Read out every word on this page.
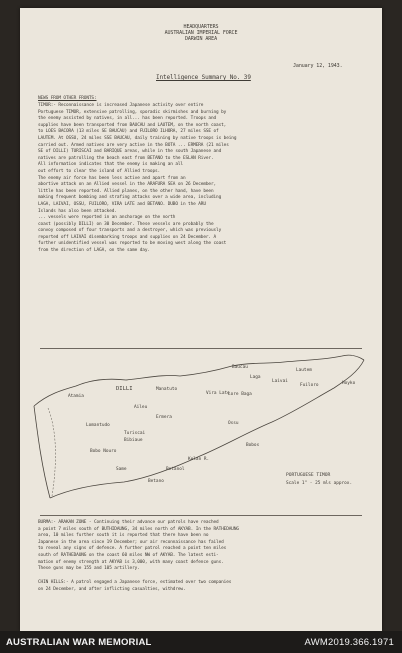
HEADQUARTERS
AUSTRALIAN IMPERIAL FORCE
DARWIN AREA
January 12, 1943.
Intelligence Summary No. 39
NEWS FROM OTHER FRONTS:
TIMOR:- Reconnaissance is increased Japanese activity over entire
Portuguese TIMOR, extensive patrolling, sporadic skirmishes and burning by
the enemy assisted by natives, in all... has been reported. Troops and
supplies have been transported from BAUCAU and LAUTEM, on the north coast,
to LOES BACORA (13 miles SE BAUCAU) and FUILORO ILHORA, 27 miles SSE of
LAUTEM. At OSSU, 24 miles SSE BAUCAU, daily training by native troops is being
carried out. Armed natives are very active in the BOTA ... ERMERA (21 miles
SE of DILLI) TURISCAI and BARIQUE areas, while in the south Japanese and
natives are patrolling the beach east from BETANO to the ESLAN River.
All information indicates that the enemy is making an all
out effort to clear the island of Allied troops.
The enemy air force has been less active and apart from an
abortive attack on an Allied vessel in the ARAFURA SEA on 26 December,
little has been reported. Allied planes, on the other hand, have been
making frequent bombing and strafing attacks over a wide area, including
LAGA, LAIVAI, OSSU, FUILORO, VIRA LATE and BETANO. DUBO in the ARU
Islands has also been attacked.
... vessels were reported in an anchorage on the north
coast (possibly DILLI) on 30 December. These vessels are probably the
convoy composed of four transports and a destroyer, which was previously
reported off LAIVAI disembarking troops and supplies on 24 December. A
further unidentified vessel was reported to be moving west along the coast
from the direction of LAGA, on the same day.
DILLI
Atamia
Manatuto
Baucau
Laga
Laivai
Lautem
Vira Late
Lore Baga
Fuiloro	Hoyko
Ossu
Ermera
Turiscai
Bibiaue
Bobos
Bobo Nouro
Same
Betano
Kelan R.
Betanol
Lomantudo
Aileu
PORTUGUESE TIMOR
Scale 1" - 25 mls approx.
BURMA:- ARAKAN ZONE - Continuing their advance our patrols have reached
a point 7 miles south of BUTHIDAUNG, 34 miles north of AKYAB. In the RATHEDAUNG
area, 10 miles further south it is reported that there have been no
Japanese in the area since 19 December; our air reconnaissance has failed
to reveal any signs of defence. A further patrol reached a point ten miles
south of RATHEDAUNG on the coast 60 miles NW of AKYAB. The latest esti-
mation of enemy strength at AKYAB is 3,000, with many coast defence guns.
These guns may be 155 and 105 artillery.
CHIN HILLS:- A patrol engaged a Japanese force, estimated over two companies
on 24 December, and after inflicting casualties, withdrew.
AUSTRALIAN WAR MEMORIAL	AWM2019.366.1971
